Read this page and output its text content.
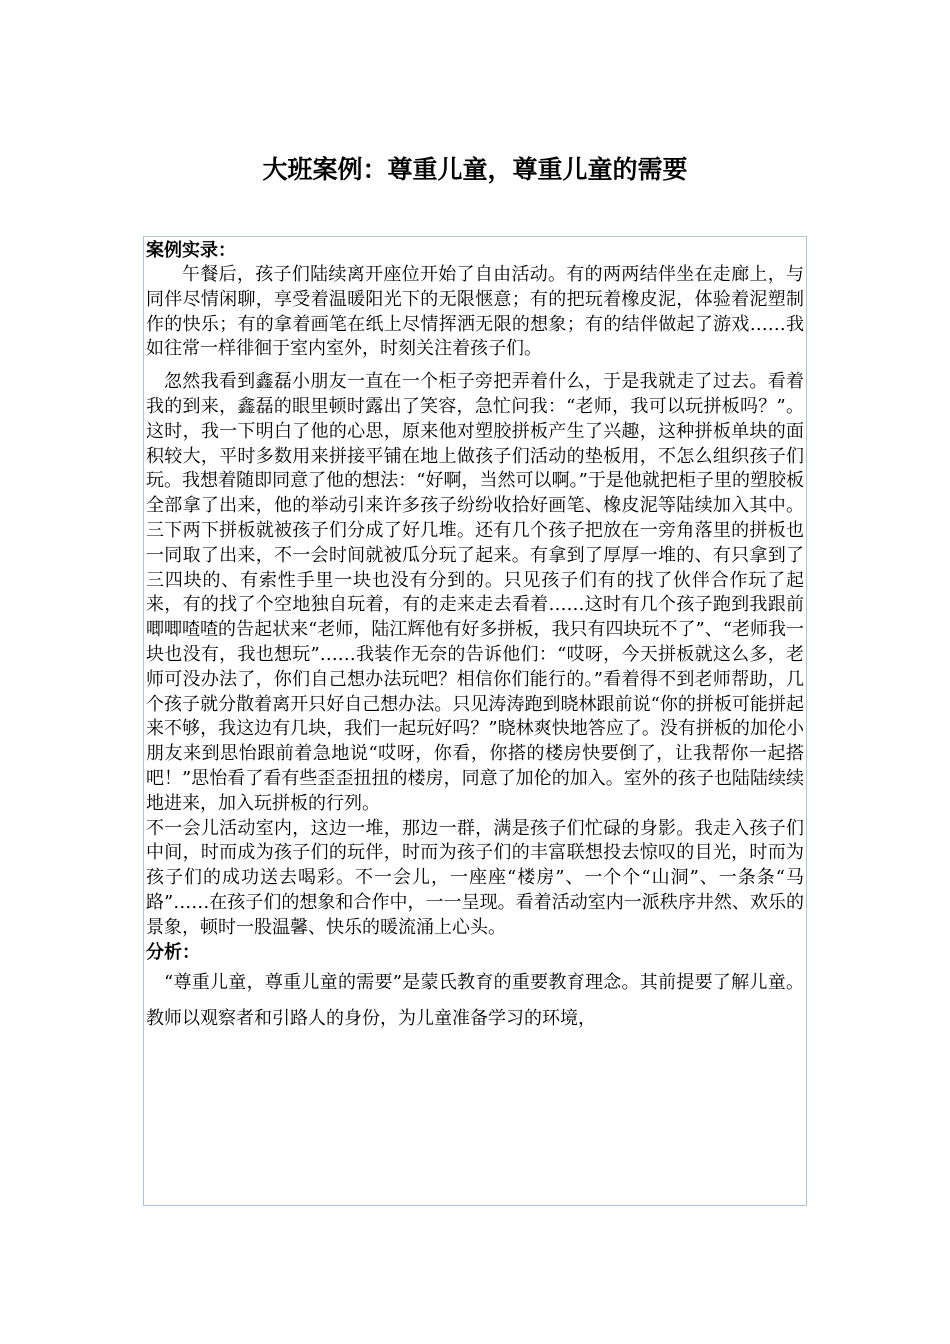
大班案例：尊重儿童，尊重儿童的需要

案例实录：

午餐后，孩子们陆续离开座位开始了自由活动。有的两两结伴坐在走廊上，与同伴尽情闲聊，享受着温暖阳光下的无限惬意；有的把玩着橡皮泥，体验着泥塑制作的快乐；有的拿着画笔在纸上尽情挥洒无限的想象；有的结伴做起了游戏……我如往常一样徘徊于室内室外，时刻关注着孩子们。

忽然我看到鑫磊小朋友一直在一个柜子旁把弄着什么，于是我就走了过去。看着我的到来，鑫磊的眼里顿时露出了笑容，急忙问我：“老师，我可以玩拼板吗？”。这时，我一下明白了他的心思，原来他对塑胶拼板产生了兴趣，这种拼板单块的面积较大，平时多数用来拼接平铺在地上做孩子们活动的垫板用，不怎么组织孩子们玩。我想着随即同意了他的想法：“好啊，当然可以啊。”于是他就把柜子里的塑胶板全部拿了出来，他的举动引来许多孩子纷纷收拾好画笔、橡皮泥等陆续加入其中。三下两下拼板就被孩子们分成了好几堆。还有几个孩子把放在一旁角落里的拼板也一同取了出来，不一会时间就被瓜分玩了起来。有拿到了厚厚一堆的、有只拿到了三四块的、有索性手里一块也没有分到的。只见孩子们有的找了伙伴合作玩了起来，有的找了个空地独自玩着，有的走来走去看着……这时有几个孩子跑到我跟前唧唧喳喳的告起状来“老师，陆江辉他有好多拼板，我只有四块玩不了”、“老师我一块也没有，我也想玩”……我装作无奈的告诉他们：“哎呀，今天拼板就这么多，老师可没办法了，你们自己想办法玩吧？相信你们能行的。”看着得不到老师帮助，几个孩子就分散着离开只好自己想办法。只见涛涛跑到晓林跟前说“你的拼板可能拼起来不够，我这边有几块，我们一起玩好吗？”晓林爽快地答应了。没有拼板的加伦小朋友来到思怡跟前着急地说“哎呀，你看，你搭的楼房快要倒了，让我帮你一起搭吧！”思怡看了看有些歪歪扭扭的楼房，同意了加伦的加入。室外的孩子也陆陆续续地进来，加入玩拼板的行列。

不一会儿活动室内，这边一堆，那边一群，满是孩子们忙碌的身影。我走入孩子们中间，时而成为孩子们的玩伴，时而为孩子们的丰富联想投去惊叹的目光，时而为孩子们的成功送去喝彩。不一会儿，一座座“楼房”、一个个“山洞”、一条条“马路”……在孩子们的想象和合作中，一一呈现。看着活动室内一派秩序井然、欢乐的景象，顿时一股温馨、快乐的暖流涌上心头。

分析：

“尊重儿童，尊重儿童的需要”是蒙氏教育的重要教育理念。其前提要了解儿童。教师以观察者和引路人的身份，为儿童准备学习的环境，
